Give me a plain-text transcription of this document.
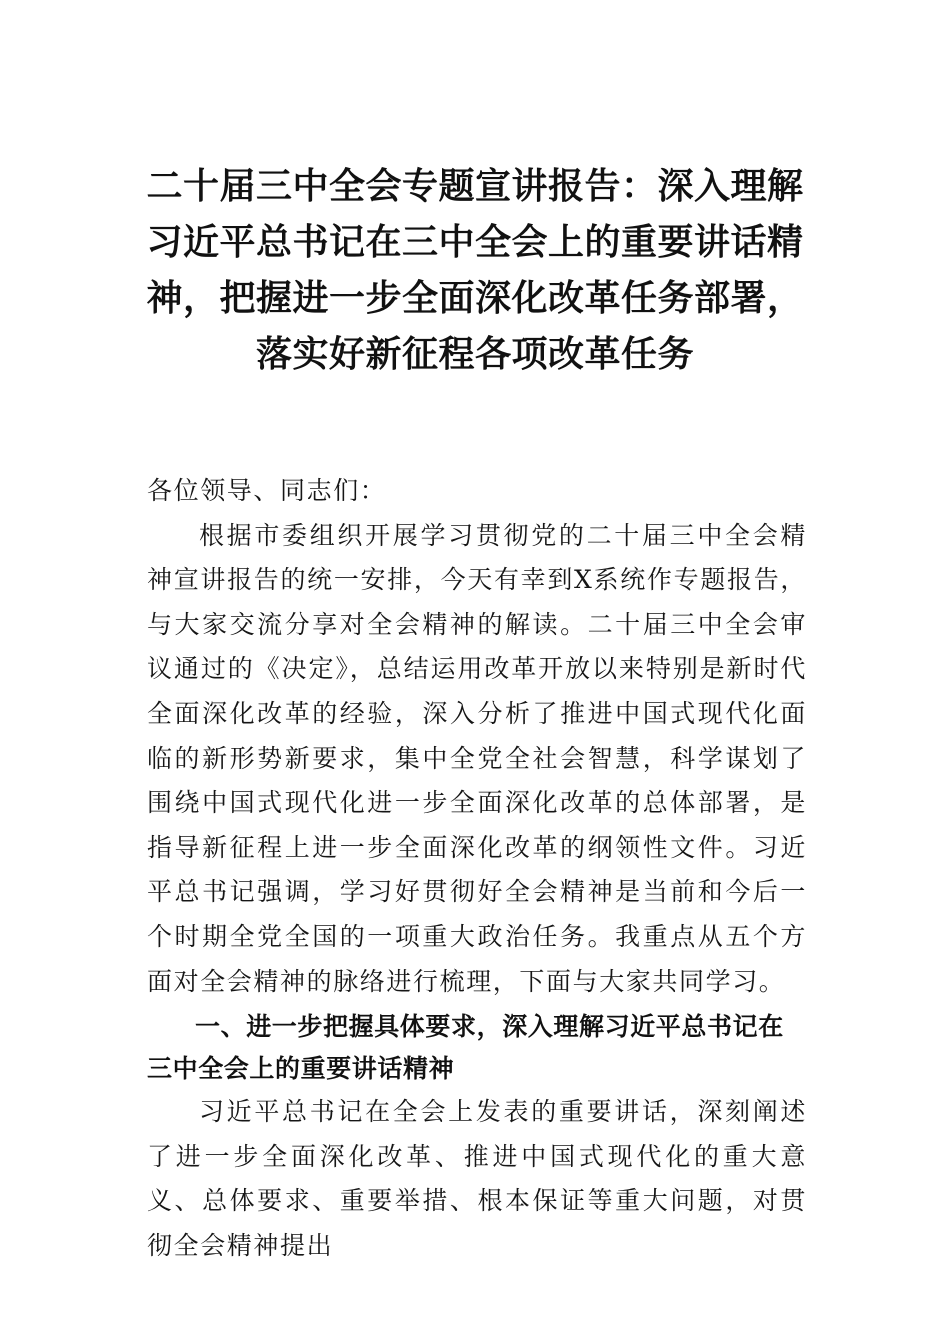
二十届三中全会专题宣讲报告：深入理解
习近平总书记在三中全会上的重要讲话精
神，把握进一步全面深化改革任务部署，
落实好新征程各项改革任务

各位领导、同志们：

根据市委组织开展学习贯彻党的二十届三中全会精神宣讲报告的统一安排，今天有幸到X系统作专题报告，与大家交流分享对全会精神的解读。二十届三中全会审议通过的《决定》，总结运用改革开放以来特别是新时代全面深化改革的经验，深入分析了推进中国式现代化面临的新形势新要求，集中全党全社会智慧，科学谋划了围绕中国式现代化进一步全面深化改革的总体部署，是指导新征程上进一步全面深化改革的纲领性文件。习近平总书记强调，学习好贯彻好全会精神是当前和今后一个时期全党全国的一项重大政治任务。我重点从五个方面对全会精神的脉络进行梳理，下面与大家共同学习。

一、进一步把握具体要求，深入理解习近平总书记在三中全会上的重要讲话精神

习近平总书记在全会上发表的重要讲话，深刻阐述了进一步全面深化改革、推进中国式现代化的重大意义、总体要求、重要举措、根本保证等重大问题，对贯彻全会精神提出
